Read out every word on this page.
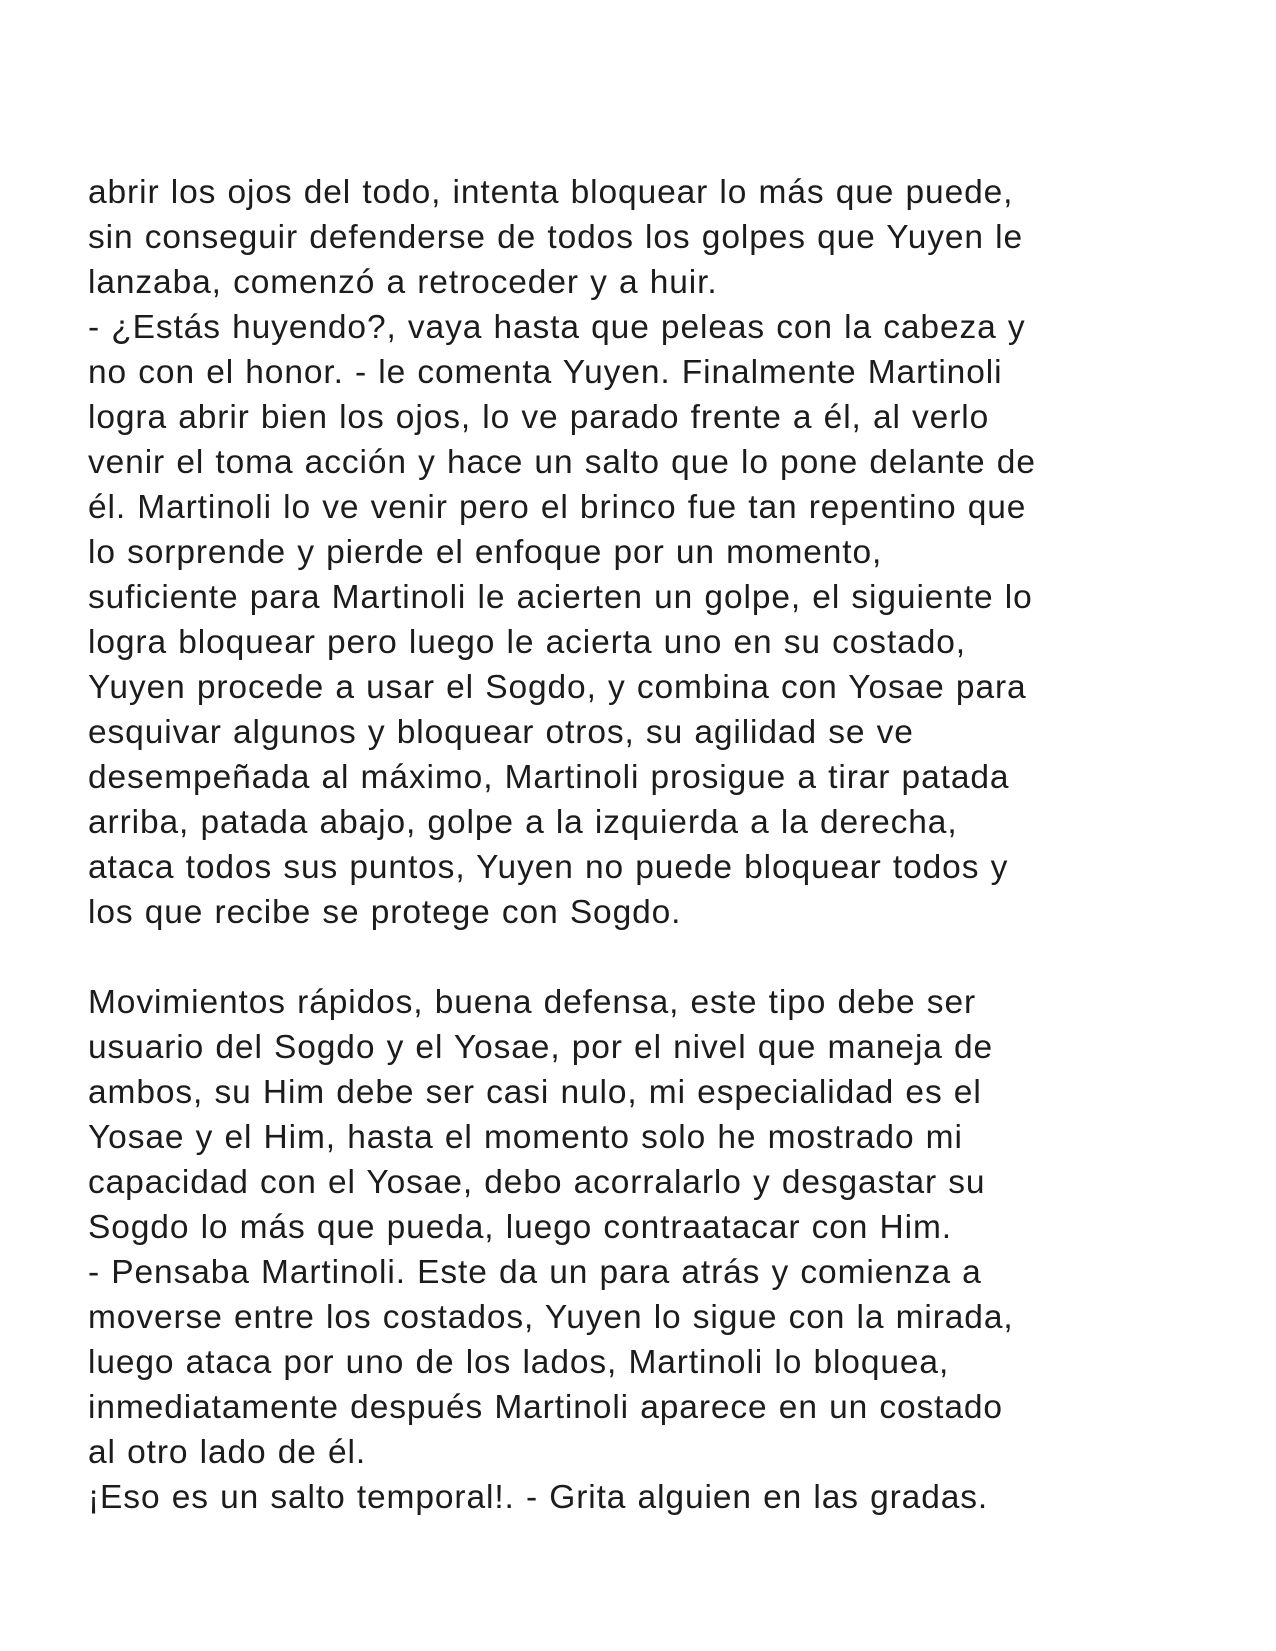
abrir los ojos del todo, intenta bloquear lo más que puede,
sin conseguir defenderse de todos los golpes que Yuyen le
lanzaba, comenzó a retroceder y a huir.
- ¿Estás huyendo?, vaya hasta que peleas con la cabeza y
no con el honor. - le comenta Yuyen. Finalmente Martinoli
logra abrir bien los ojos, lo ve parado frente a él, al verlo
venir el toma acción y hace un salto que lo pone delante de
él. Martinoli lo ve venir pero el brinco fue tan repentino que
lo sorprende y pierde el enfoque por un momento,
suficiente para Martinoli le acierten un golpe, el siguiente lo
logra bloquear pero luego le acierta uno en su costado,
Yuyen procede a usar el Sogdo, y combina con Yosae para
esquivar algunos y bloquear otros, su agilidad se ve
desempeñada al máximo, Martinoli prosigue a tirar patada
arriba, patada abajo, golpe a la izquierda a la derecha,
ataca todos sus puntos, Yuyen no puede bloquear todos y
los que recibe se protege con Sogdo.
Movimientos rápidos, buena defensa, este tipo debe ser
usuario del Sogdo y el Yosae, por el nivel que maneja de
ambos, su Him debe ser casi nulo, mi especialidad es el
Yosae y el Him, hasta el momento solo he mostrado mi
capacidad con el Yosae, debo acorralarlo y desgastar su
Sogdo lo más que pueda, luego contraatacar con Him.
- Pensaba Martinoli. Este da un para atrás y comienza a
moverse entre los costados, Yuyen lo sigue con la mirada,
luego ataca por uno de los lados, Martinoli lo bloquea,
inmediatamente después Martinoli aparece en un costado
al otro lado de él.
¡Eso es un salto temporal!. - Grita alguien en las gradas.
